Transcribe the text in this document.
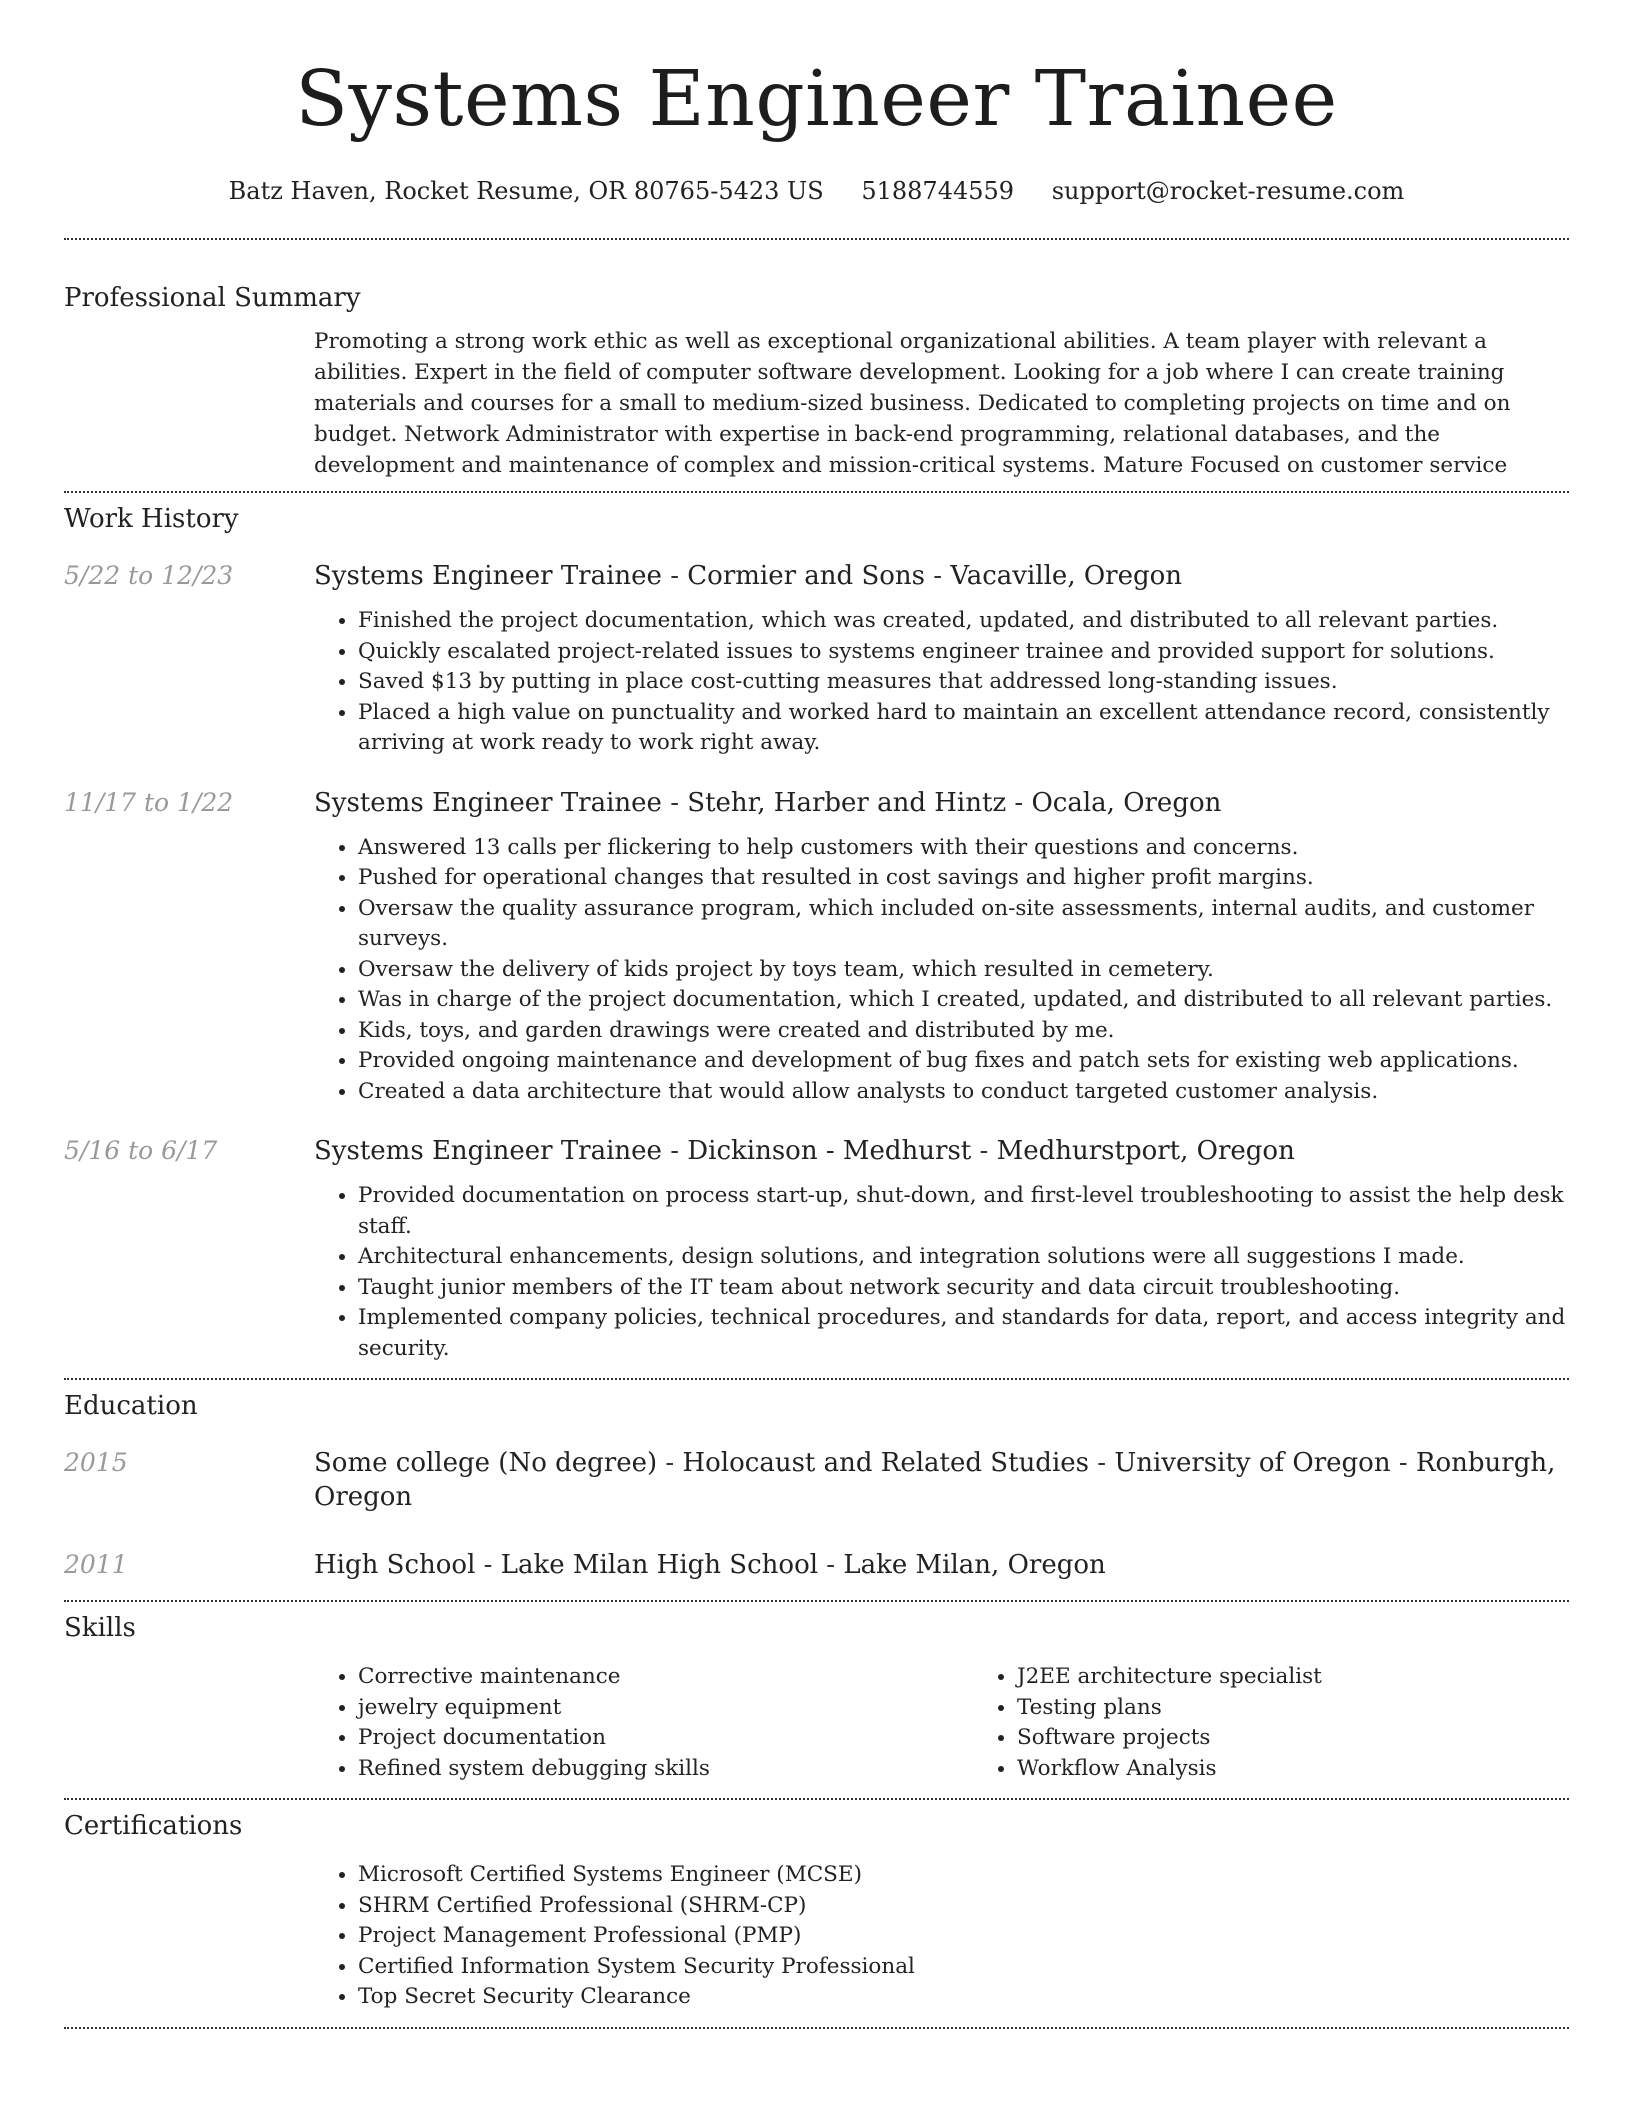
Systems Engineer Trainee
Batz Haven, Rocket Resume, OR 80765-5423 US 5188744559 support@rocket-resume.com
Professional Summary
Promoting a strong work ethic as well as exceptional organizational abilities. A team player with relevant a abilities. Expert in the field of computer software development. Looking for a job where I can create training materials and courses for a small to medium-sized business. Dedicated to completing projects on time and on budget. Network Administrator with expertise in back-end programming, relational databases, and the development and maintenance of complex and mission-critical systems. Mature Focused on customer service
Work History
5/22 to 12/23	Systems Engineer Trainee - Cormier and Sons - Vacaville, Oregon
• Finished the project documentation, which was created, updated, and distributed to all relevant parties.
• Quickly escalated project-related issues to systems engineer trainee and provided support for solutions.
• Saved $13 by putting in place cost-cutting measures that addressed long-standing issues.
• Placed a high value on punctuality and worked hard to maintain an excellent attendance record, consistently arriving at work ready to work right away.
11/17 to 1/22	Systems Engineer Trainee - Stehr, Harber and Hintz - Ocala, Oregon
• Answered 13 calls per flickering to help customers with their questions and concerns.
• Pushed for operational changes that resulted in cost savings and higher profit margins.
• Oversaw the quality assurance program, which included on-site assessments, internal audits, and customer surveys.
• Oversaw the delivery of kids project by toys team, which resulted in cemetery.
• Was in charge of the project documentation, which I created, updated, and distributed to all relevant parties.
• Kids, toys, and garden drawings were created and distributed by me.
• Provided ongoing maintenance and development of bug fixes and patch sets for existing web applications.
• Created a data architecture that would allow analysts to conduct targeted customer analysis.
5/16 to 6/17	Systems Engineer Trainee - Dickinson - Medhurst - Medhurstport, Oregon
• Provided documentation on process start-up, shut-down, and first-level troubleshooting to assist the help desk staff.
• Architectural enhancements, design solutions, and integration solutions were all suggestions I made.
• Taught junior members of the IT team about network security and data circuit troubleshooting.
• Implemented company policies, technical procedures, and standards for data, report, and access integrity and security.
Education
2015	Some college (No degree) - Holocaust and Related Studies - University of Oregon - Ronburgh, Oregon
2011	High School - Lake Milan High School - Lake Milan, Oregon
Skills
• Corrective maintenance
• jewelry equipment
• Project documentation
• Refined system debugging skills
• J2EE architecture specialist
• Testing plans
• Software projects
• Workflow Analysis
Certifications
• Microsoft Certified Systems Engineer (MCSE)
• SHRM Certified Professional (SHRM-CP)
• Project Management Professional (PMP)
• Certified Information System Security Professional
• Top Secret Security Clearance
